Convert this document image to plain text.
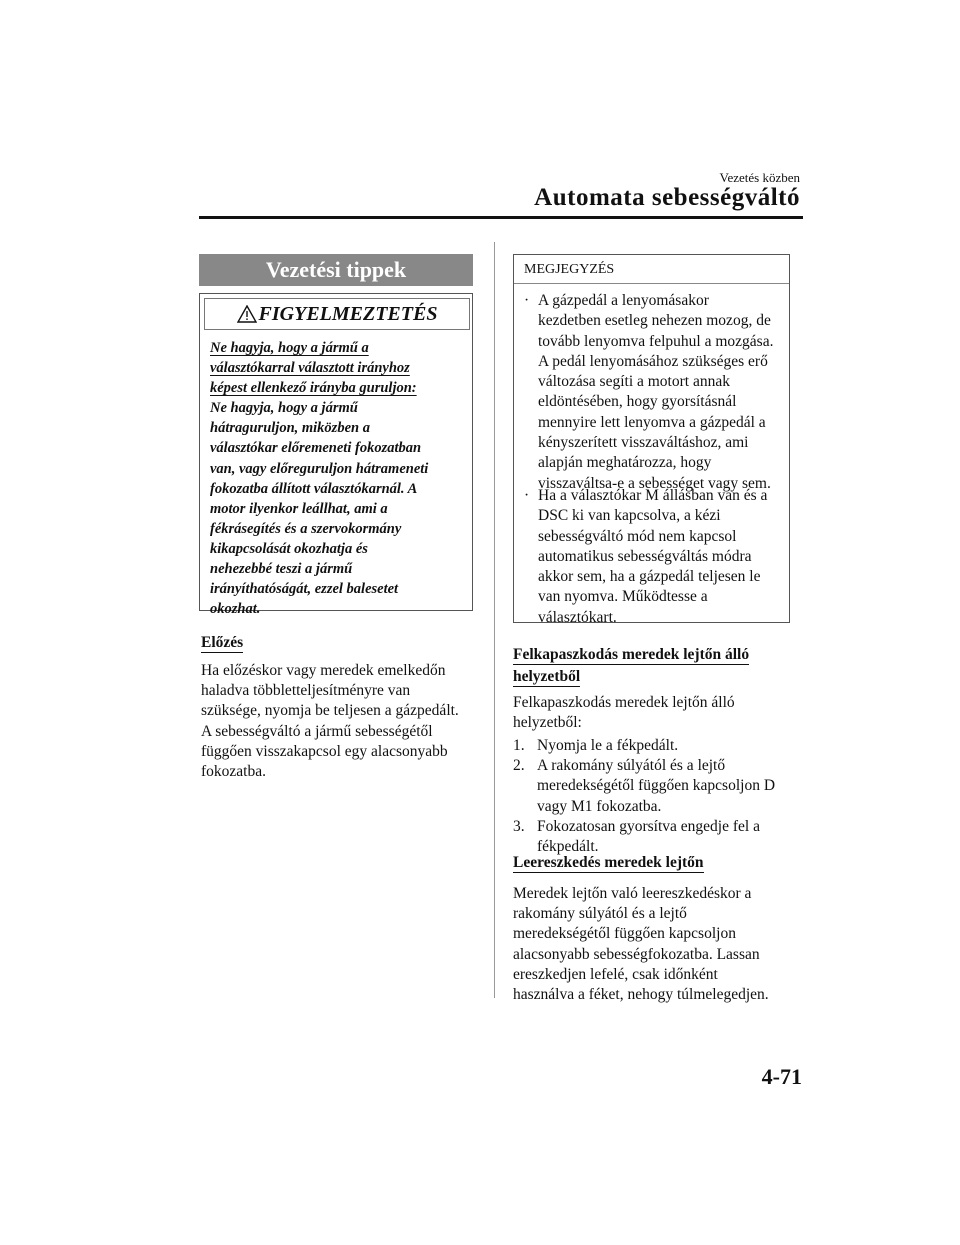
Vezetés közben
Automata sebességváltó
Vezetési tippek
FIGYELMEZTETÉS
Ne hagyja, hogy a jármű a
választókarral választott irányhoz
képest ellenkező irányba guruljon:
Ne hagyja, hogy a jármű
hátraguruljon, miközben a
választókar előremeneti fokozatban
van, vagy előreguruljon hátrameneti
fokozatba állított választókarnál. A
motor ilyenkor leállhat, ami a
fékrásegítés és a szervokormány
kikapcsolását okozhatja és
nehezebbé teszi a jármű
irányíthatóságát, ezzel balesetet
okozhat.
Előzés
Ha előzéskor vagy meredek emelkedőn
haladva többletteljesítményre van
szüksége, nyomja be teljesen a gázpedált.
A sebességváltó a jármű sebességétől
függően visszakapcsol egy alacsonyabb
fokozatba.
MEGJEGYZÉS
· A gázpedál a lenyomásakor
kezdetben esetleg nehezen mozog, de
tovább lenyomva felpuhul a mozgása.
A pedál lenyomásához szükséges erő
változása segíti a motort annak
eldöntésében, hogy gyorsításnál
mennyire lett lenyomva a gázpedál a
kényszerített visszaváltáshoz, ami
alapján meghatározza, hogy
visszaváltsa-e a sebességet vagy sem.
· Ha a választókar M állásban van és a
DSC ki van kapcsolva, a kézi
sebességváltó mód nem kapcsol
automatikus sebességváltás módra
akkor sem, ha a gázpedál teljesen le
van nyomva. Működtesse a
választókart.
Felkapaszkodás meredek lejtőn álló
helyzetből
Felkapaszkodás meredek lejtőn álló
helyzetből:
1. Nyomja le a fékpedált.
2. A rakomány súlyától és a lejtő
meredekségétől függően kapcsoljon D
vagy M1 fokozatba.
3. Fokozatosan gyorsítva engedje fel a
fékpedált.
Leereszkedés meredek lejtőn
Meredek lejtőn való leereszkedéskor a
rakomány súlyától és a lejtő
meredekségétől függően kapcsoljon
alacsonyabb sebességfokozatba. Lassan
ereszkedjen lefelé, csak időnként
használva a féket, nehogy túlmelegedjen.
4-71
